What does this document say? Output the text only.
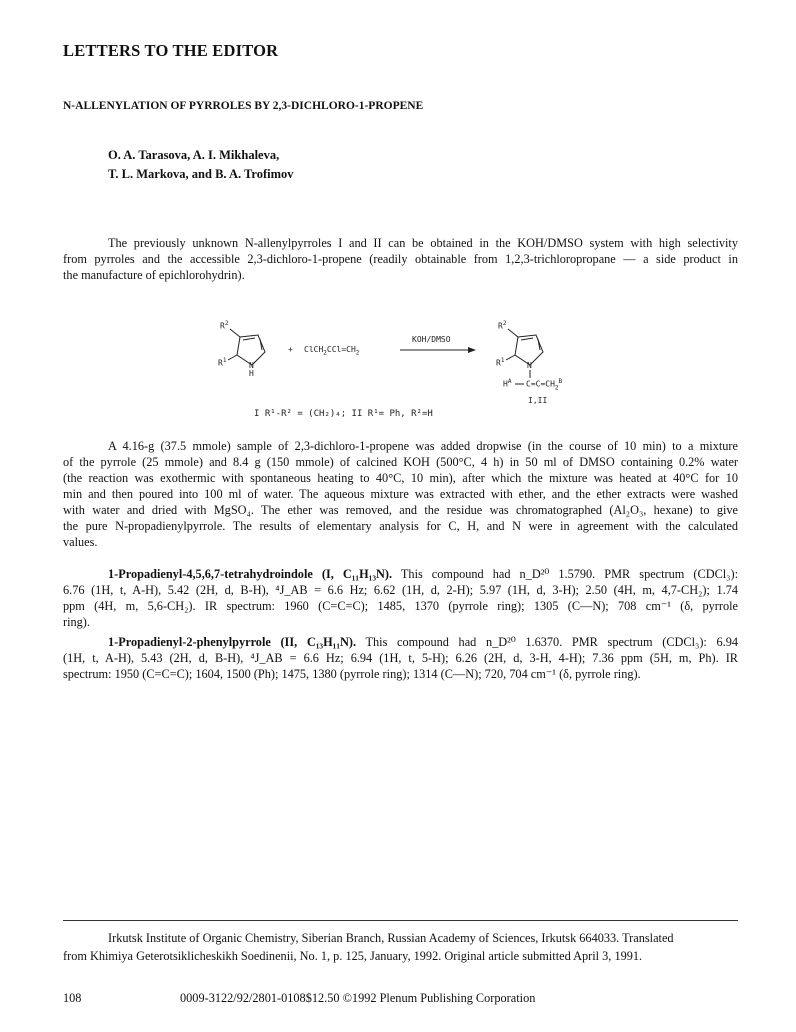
LETTERS TO THE EDITOR
N-ALLENYLATION OF PYRROLES BY 2,3-DICHLORO-1-PROPENE
O. A. Tarasova, A. I. Mikhaleva,
T. L. Markova, and B. A. Trofimov
The previously unknown N-allenylpyrroles I and II can be obtained in the KOH/DMSO system with high selectivity
from pyrroles and the accessible 2,3-dichloro-1-propene (readily obtainable from 1,2,3-trichloropropane — a side product in
the manufacture of epichlorohydrin).
$R^2$
$R^1$
N
H
+ $ClCH_2CCl=CH_2$
KOH/DMSO
$R^2$
$R^1$
N
$H^A$ $C=C=CH_2^B$
I,II
I R¹-R² = (CH₂)₄; II R¹= Ph, R²=H
A 4.16-g (37.5 mmole) sample of 2,3-dichloro-1-propene was added dropwise (in the course of 10 min) to a mixture
of the pyrrole (25 mmole) and 8.4 g (150 mmole) of calcined KOH (500°C, 4 h) in 50 ml of DMSO containing 0.2% water
(the reaction was exothermic with spontaneous heating to 40°C, 10 min), after which the mixture was heated at 40°C for 10
min and then poured into 100 ml of water. The aqueous mixture was extracted with ether, and the ether extracts were washed
with water and dried with MgSO₄. The ether was removed, and the residue was chromatographed (Al₂O₃, hexane) to give
the pure N-propadienylpyrrole. The results of elementary analysis for C, H, and N were in agreement with the calculated
values.
1-Propadienyl-4,5,6,7-tetrahydroindole (I, C₁₁H₁₃N). This compound had n_D²⁰ 1.5790. PMR spectrum (CDCl₃):
6.76 (1H, t, A-H), 5.42 (2H, d, B-H), ⁴J_AB = 6.6 Hz; 6.62 (1H, d, 2-H); 5.97 (1H, d, 3-H); 2.50 (4H, m, 4,7-CH₂); 1.74
ppm (4H, m, 5,6-CH₂). IR spectrum: 1960 (C=C=C); 1485, 1370 (pyrrole ring); 1305 (C—N); 708 cm⁻¹ (δ, pyrrole
ring).
1-Propadienyl-2-phenylpyrrole (II, C₁₃H₁₁N). This compound had n_D²⁰ 1.6370. PMR spectrum (CDCl₃): 6.94
(1H, t, A-H), 5.43 (2H, d, B-H), ⁴J_AB = 6.6 Hz; 6.94 (1H, t, 5-H); 6.26 (2H, d, 3-H, 4-H); 7.36 ppm (5H, m, Ph). IR
spectrum: 1950 (C=C=C); 1604, 1500 (Ph); 1475, 1380 (pyrrole ring); 1314 (C—N); 720, 704 cm⁻¹ (δ, pyrrole ring).
Irkutsk Institute of Organic Chemistry, Siberian Branch, Russian Academy of Sciences, Irkutsk 664033. Translated
from Khimiya Geterotsiklicheskikh Soedinenii, No. 1, p. 125, January, 1992. Original article submitted April 3, 1991.
108	0009-3122/92/2801-0108$12.50 ©1992 Plenum Publishing Corporation
